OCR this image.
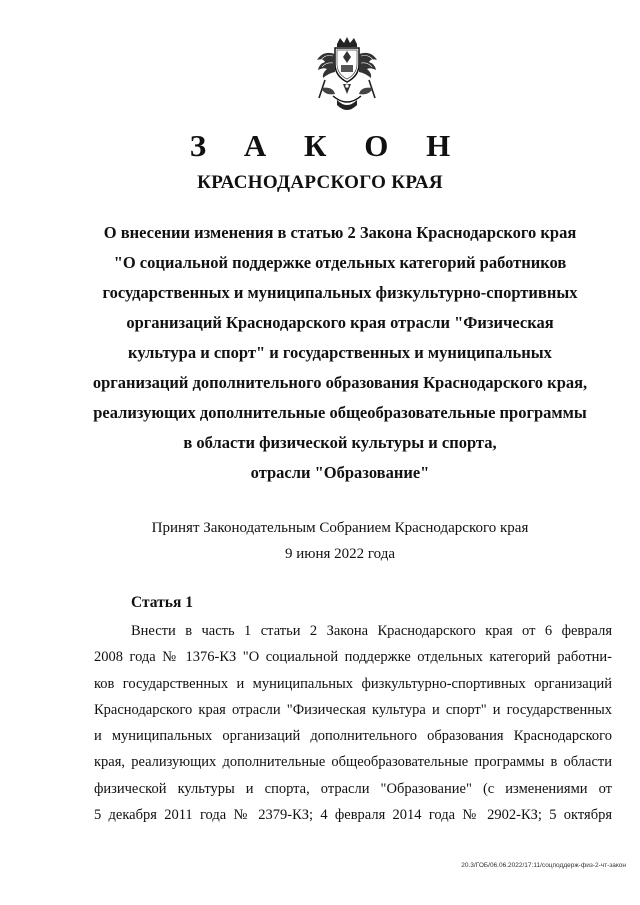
З А К О Н
КРАСНОДАРСКОГО КРАЯ
О внесении изменения в статью 2 Закона Краснодарского края
"О социальной поддержке отдельных категорий работников
государственных и муниципальных физкультурно-спортивных
организаций Краснодарского края отрасли "Физическая
культура и спорт" и государственных и муниципальных
организаций дополнительного образования Краснодарского края,
реализующих дополнительные общеобразовательные программы
в области физической культуры и спорта,
отрасли "Образование"
Принят Законодательным Собранием Краснодарского края
9 июня 2022 года
Статья 1
Внести в часть 1 статьи 2 Закона Краснодарского края от 6 февраля
2008 года № 1376-КЗ "О социальной поддержке отдельных категорий работни-
ков государственных и муниципальных физкультурно-спортивных организаций
Краснодарского края отрасли "Физическая культура и спорт" и государственных
и муниципальных организаций дополнительного образования Краснодарского
края, реализующих дополнительные общеобразовательные программы в области
физической культуры и спорта, отрасли "Образование" (с изменениями от
5 декабря 2011 года № 2379-КЗ; 4 февраля 2014 года № 2902-КЗ; 5 октября
20.3/ГОБ/06.06.2022/17:11/соцподдерж-физ-2-чт-закон
